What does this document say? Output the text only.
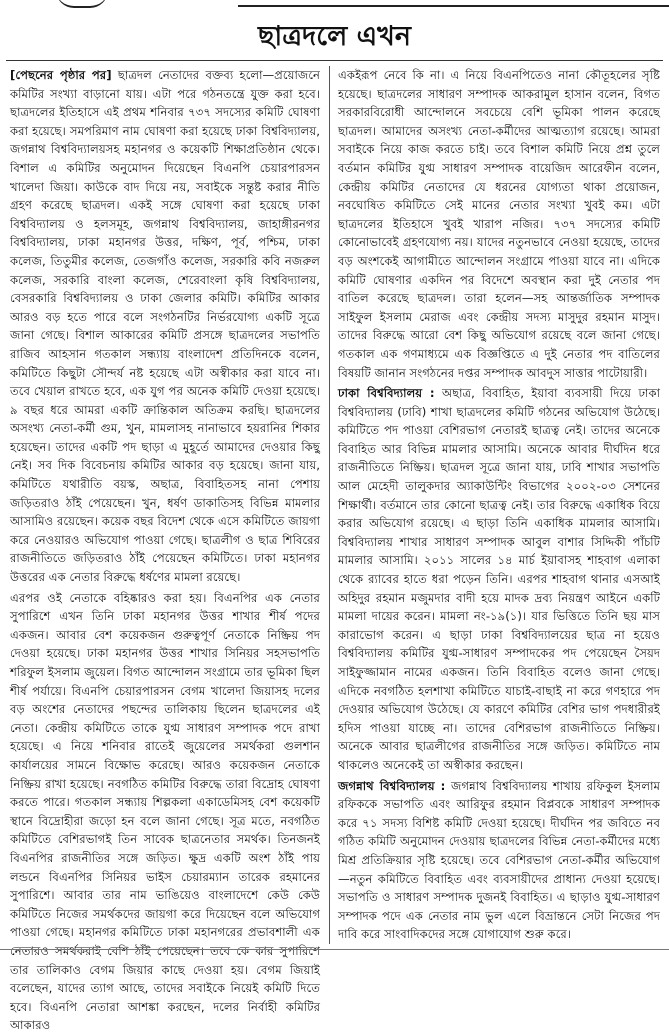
ছাত্রদলে এখন

[পেছনের পৃষ্ঠার পর] ছাত্রদল নেতাদের বক্তব্য হলো—প্রয়োজনে কমিটির সংখ্যা বাড়ানো যায়। এটা পরে গঠনতন্ত্রে যুক্ত করা হবে। ছাত্রদলের ইতিহাসে এই প্রথম শনিবার ৭৩৭ সদস্যের কমিটি ঘোষণা করা হয়েছে। সমপরিমাণ নাম ঘোষণা করা হয়েছে ঢাকা বিশ্ববিদ্যালয়, জগন্নাথ বিশ্ববিদ্যালয়সহ মহানগর ও কয়েকটি শিক্ষাপ্রতিষ্ঠান থেকে। বিশাল এ কমিটির অনুমোদন দিয়েছেন বিএনপি চেয়ারপারসন খালেদা জিয়া। কাউকে বাদ দিয়ে নয়, সবাইকে সন্তুষ্ট করার নীতি গ্রহণ করেছে ছাত্রদল। একই সঙ্গে ঘোষণা করা হয়েছে ঢাকা বিশ্ববিদ্যালয় ও হলসমূহ, জগন্নাথ বিশ্ববিদ্যালয়, জাহাঙ্গীরনগর বিশ্ববিদ্যালয়, ঢাকা মহানগর উত্তর, দক্ষিণ, পূর্ব, পশ্চিম, ঢাকা কলেজ, তিতুমীর কলেজ, তেজগাঁও কলেজ, সরকারি কবি নজরুল কলেজ, সরকারি বাংলা কলেজ, শেরেবাংলা কৃষি বিশ্ববিদ্যালয়, বেসরকারি বিশ্ববিদ্যালয় ও ঢাকা জেলার কমিটি। কমিটির আকার আরও বড় হতে পারে বলে সংগঠনটির নির্ভরযোগ্য একটি সূত্রে জানা গেছে। বিশাল আকারের কমিটি প্রসঙ্গে ছাত্রদলের সভাপতি রাজিব আহসান গতকাল সন্ধ্যায় বাংলাদেশ প্রতিদিনকে বলেন, কমিটিতে কিছুটা সৌন্দর্য নষ্ট হয়েছে এটা অস্বীকার করা যাবে না। তবে খেয়াল রাখতে হবে, এক যুগ পর অনেক কমিটি দেওয়া হয়েছে। ৯ বছর ধরে আমরা একটি ক্রান্তিকাল অতিক্রম করছি। ছাত্রদলের অসংখ্য নেতা-কর্মী গুম, খুন, মামলাসহ নানাভাবে হয়রানির শিকার হয়েছেন। তাদের একটি পদ ছাড়া এ মুহূর্তে আমাদের দেওয়ার কিছু নেই। সব দিক বিবেচনায় কমিটির আকার বড় হয়েছে। জানা যায়, কমিটিতে যথারীতি বয়স্ক, অছাত্র, বিবাহিতসহ নানা পেশায় জড়িতরাও ঠাঁই পেয়েছেন। খুন, ধর্ষণ ডাকাতিসহ বিভিন্ন মামলার আসামিও রয়েছেন। কয়েক বছর বিদেশ থেকে এসে কমিটিতে জায়গা করে নেওয়ারও অভিযোগ পাওয়া গেছে। ছাত্রলীগ ও ছাত্র শিবিরের রাজনীতিতে জড়িতরাও ঠাঁই পেয়েছেন কমিটিতে। ঢাকা মহানগর উত্তরের এক নেতার বিরুদ্ধে ধর্ষণের মামলা রয়েছে।

এরপর ওই নেতাকে বহিষ্কারও করা হয়। বিএনপির এক নেতার সুপারিশে এখন তিনি ঢাকা মহানগর উত্তর শাখার শীর্ষ পদের একজন। আবার বেশ কয়েকজন গুরুত্বপূর্ণ নেতাকে নিষ্ক্রিয় পদ দেওয়া হয়েছে। ঢাকা মহানগর উত্তর শাখার সিনিয়র সহসভাপতি শরিফুল ইসলাম জুয়েল। বিগত আন্দোলন সংগ্রামে তার ভূমিকা ছিল শীর্ষ পর্যায়ে। বিএনপি চেয়ারপারসন বেগম খালেদা জিয়াসহ দলের বড় অংশের নেতাদের পছন্দের তালিকায় ছিলেন ছাত্রদলের এই নেতা। কেন্দ্রীয় কমিটিতে তাকে যুগ্ম সাধারণ সম্পাদক পদে রাখা হয়েছে। এ নিয়ে শনিবার রাতেই জুয়েলের সমর্থকরা গুলশান কার্যালয়ের সামনে বিক্ষোভ করেছে। আরও কয়েকজন নেতাকে নিষ্ক্রিয় রাখা হয়েছে। নবগঠিত কমিটির বিরুদ্ধে তারা বিদ্রোহ ঘোষণা করতে পারে। গতকাল সন্ধ্যায় শিল্পকলা একাডেমিসহ বেশ কয়েকটি স্থানে বিদ্রোহীরা জড়ো হন বলে জানা গেছে। সূত্র মতে, নবগঠিত কমিটিতে বেশিরভাগই তিন সাবেক ছাত্রনেতার সমর্থক। তিনজনই বিএনপির রাজনীতির সঙ্গে জড়িত। ক্ষুদ্র একটি অংশ ঠাঁই পায় লন্ডনে বিএনপির সিনিয়র ভাইস চেয়ারম্যান তারেক রহমানের সুপারিশে। আবার তার নাম ভাঙিয়েও বাংলাদেশে কেউ কেউ কমিটিতে নিজের সমর্থকদের জায়গা করে দিয়েছেন বলে অভিযোগ পাওয়া গেছে। মহানগর কমিটিতে ঢাকা মহানগরের প্রভাবশালী এক নেতারও সমর্থকরাই বেশি ঠাঁই পেয়েছেন। তবে কে কার সুপারিশে তার তালিকাও বেগম জিয়ার কাছে দেওয়া হয়। বেগম জিয়াই বলেছেন, যাদের ত্যাগ আছে, তাদের সবাইকে নিয়েই কমিটি দিতে হবে। বিএনপি নেতারা আশঙ্কা করছেন, দলের নির্বাহী কমিটির আকারও

একইরূপ নেবে কি না। এ নিয়ে বিএনপিতেও নানা কৌতূহলের সৃষ্টি হয়েছে। ছাত্রদলের সাধারণ সম্পাদক আকরামুল হাসান বলেন, বিগত সরকারবিরোধী আন্দোলনে সবচেয়ে বেশি ভূমিকা পালন করেছে ছাত্রদল। আমাদের অসংখ্য নেতা-কর্মীদের আত্মত্যাগ রয়েছে। আমরা সবাইকে নিয়ে কাজ করতে চাই। তবে বিশাল কমিটি নিয়ে প্রশ্ন তুলে বর্তমান কমিটির যুগ্ম সাধারণ সম্পাদক বায়েজিদ আরেফীন বলেন, কেন্দ্রীয় কমিটির নেতাদের যে ধরনের যোগ্যতা থাকা প্রয়োজন, নবঘোষিত কমিটিতে সেই মানের নেতার সংখ্যা খুবই কম। এটা ছাত্রদলের ইতিহাসে খুবই খারাপ নজির। ৭৩৭ সদস্যের কমিটি কোনোভাবেই গ্রহণযোগ্য নয়। যাদের নতুনভাবে নেওয়া হয়েছে, তাদের বড় অংশকেই আগামীতে আন্দোলন সংগ্রামে পাওয়া যাবে না। এদিকে কমিটি ঘোষণার একদিন পর বিদেশে অবস্থান করা দুই নেতার পদ বাতিল করেছে ছাত্রদল। তারা হলেন—সহ আন্তর্জাতিক সম্পাদক সাইফুল ইসলাম মেরাজ এবং কেন্দ্রীয় সদস্য মাসুদুর রহমান মাসুদ। তাদের বিরুদ্ধে আরো বেশ কিছু অভিযোগ রয়েছে বলে জানা গেছে। গতকাল এক গণমাধ্যমে এক বিজ্ঞপ্তিতে এ দুই নেতার পদ বাতিলের বিষয়টি জানান সংগঠনের দপ্তর সম্পাদক আবদুস সাত্তার পাটোয়ারী।

ঢাকা বিশ্ববিদ্যালয় : অছাত্র, বিবাহিত, ইয়াবা ব্যবসায়ী দিয়ে ঢাকা বিশ্ববিদ্যালয় (ঢাবি) শাখা ছাত্রদলের কমিটি গঠনের অভিযোগ উঠেছে। কমিটিতে পদ পাওয়া বেশিরভাগ নেতারই ছাত্রত্ব নেই। তাদের অনেকে বিবাহিত আর বিভিন্ন মামলার আসামি। অনেকে আবার দীর্ঘদিন ধরে রাজনীতিতে নিষ্ক্রিয়। ছাত্রদল সূত্রে জানা যায়, ঢাবি শাখার সভাপতি আল মেহেদী তালুকদার অ্যাকাউন্টিং বিভাগের ২০০২-০৩ সেশনের শিক্ষার্থী। বর্তমানে তার কোনো ছাত্রত্ব নেই। তার বিরুদ্ধে একাধিক বিয়ে করার অভিযোগ রয়েছে। এ ছাড়া তিনি একাধিক মামলার আসামি। বিশ্ববিদ্যালয় শাখার সাধারণ সম্পাদক আবুল বাশার সিদ্দিকী পাঁচটি মামলার আসামি। ২০১১ সালের ১৪ মার্চ ইয়াবাসহ শাহবাগ এলাকা থেকে র‌্যাবের হাতে ধরা পড়েন তিনি। এরপর শাহবাগ থানার এসআই অহিদুর রহমান মজুমদার বাদী হয়ে মাদক দ্রব্য নিয়ন্ত্রণ আইনে একটি মামলা দায়ের করেন। মামলা নং-১৯(১)। যার ভিত্তিতে তিনি ছয় মাস কারাভোগ করেন। এ ছাড়া ঢাকা বিশ্ববিদ্যালয়ের ছাত্র না হয়েও বিশ্ববিদ্যালয় কমিটির যুগ্ম-সাধারণ সম্পাদকের পদ পেয়েছেন সৈয়দ সাইফুজ্জামান নামের একজন। তিনি বিবাহিত বলেও জানা গেছে। এদিকে নবগঠিত হলশাখা কমিটিতে যাচাই-বাছাই না করে গণহারে পদ দেওয়ার অভিযোগ উঠেছে। যে কারণে কমিটির বেশির ভাগ পদধারীরই হদিস পাওয়া যাচ্ছে না। তাদের বেশিরভাগ রাজনীতিতে নিষ্ক্রিয়। অনেকে আবার ছাত্রলীগের রাজনীতির সঙ্গে জড়িত। কমিটিতে নাম থাকলেও অনেকেই তা অস্বীকার করছেন।

জগন্নাথ বিশ্ববিদ্যালয় : জগন্নাথ বিশ্ববিদ্যালয় শাখায় রফিকুল ইসলাম রফিককে সভাপতি এবং আরিফুর রহমান বিপ্লবকে সাধারণ সম্পাদক করে ৭১ সদস্য বিশিষ্ট কমিটি দেওয়া হয়েছে। দীর্ঘদিন পর জবিতে নব গঠিত কমিটি অনুমোদন দেওয়ায় ছাত্রদলের বিভিন্ন নেতা-কর্মীদের মধ্যে মিশ্র প্রতিক্রিয়ার সৃষ্টি হয়েছে। তবে বেশিরভাগ নেতা-কর্মীর অভিযোগ—নতুন কমিটিতে বিবাহিত এবং ব্যবসায়ীদের প্রাধান্য দেওয়া হয়েছে। সভাপতি ও সাধারণ সম্পাদক দুজনই বিবাহিত। এ ছাড়াও যুগ্ম-সাধারণ সম্পাদক পদে এক নেতার নাম ভুল এলে বিভ্রান্তনে সেটা নিজের পদ দাবি করে সাংবাদিকদের সঙ্গে যোগাযোগ শুরু করে।
